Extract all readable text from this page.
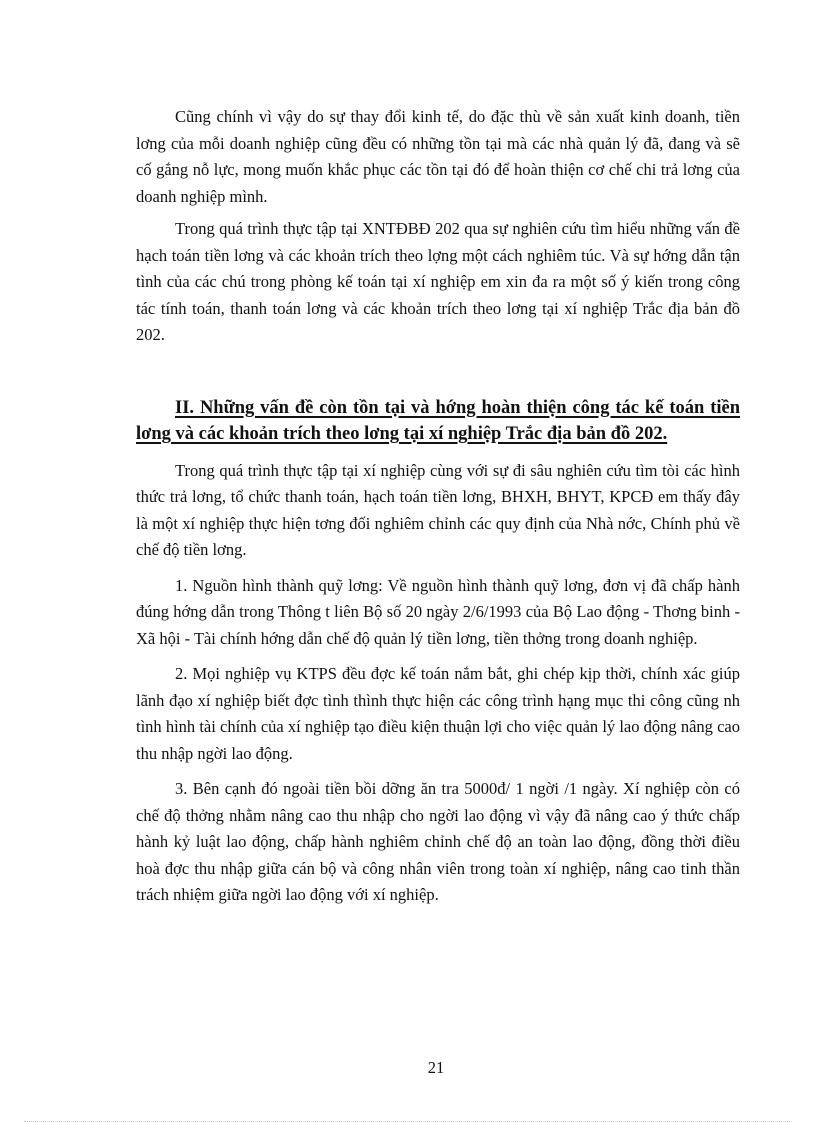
Cũng chính vì vậy do sự thay đổi kinh tế, do đặc thù về sản xuất kinh doanh, tiền lơng của mỗi doanh nghiệp cũng đều có những tồn tại mà các nhà quản lý đã, đang và sẽ cố gắng nỗ lực, mong muốn khắc phục các tồn tại đó để hoàn thiện cơ chế chi trả lơng của doanh nghiệp mình.

Trong quá trình thực tập tại XNTĐBĐ 202 qua sự nghiên cứu tìm hiểu những vấn đề hạch toán tiền lơng và các khoản trích theo lợng một cách nghiêm túc. Và sự hớng dẫn tận tình của các chú trong phòng kế toán tại xí nghiệp em xin đa ra một số ý kiến trong công tác tính toán, thanh toán lơng và các khoản trích theo lơng tại xí nghiệp Trắc địa bản đồ 202.

II. Những vấn đề còn tồn tại và hớng hoàn thiện công tác kế toán tiền lơng và các khoản trích theo lơng tại xí nghiệp Trắc địa bản đồ 202.

Trong quá trình thực tập tại xí nghiệp cùng với sự đi sâu nghiên cứu tìm tòi các hình thức trả lơng, tổ chức thanh toán, hạch toán tiền lơng, BHXH, BHYT, KPCĐ em thấy đây là một xí nghiệp thực hiện tơng đối nghiêm chỉnh các quy định của Nhà nớc, Chính phủ về chế độ tiền lơng.

1. Nguồn hình thành quỹ lơng: Về nguồn hình thành quỹ lơng, đơn vị đã chấp hành đúng hớng dẫn trong Thông t liên Bộ số 20 ngày 2/6/1993 của Bộ Lao động - Thơng binh - Xã hội - Tài chính hớng dẫn chế độ quản lý tiền lơng, tiền thởng trong doanh nghiệp.

2. Mọi nghiệp vụ KTPS đều đợc kế toán nắm bắt, ghi chép kịp thời, chính xác giúp lãnh đạo xí nghiệp biết đợc tình thình thực hiện các công trình hạng mục thi công cũng nh tình hình tài chính của xí nghiệp tạo điều kiện thuận lợi cho việc quản lý lao động nâng cao thu nhập ngời lao động.

3. Bên cạnh đó ngoài tiền bồi dỡng ăn tra 5000đ/ 1 ngời /1 ngày. Xí nghiệp còn có chế độ thởng nhằm nâng cao thu nhập cho ngời lao động vì vậy đã nâng cao ý thức chấp hành kỷ luật lao động, chấp hành nghiêm chỉnh chế độ an toàn lao động, đồng thời điều hoà đợc thu nhập giữa cán bộ và công nhân viên trong toàn xí nghiệp, nâng cao tinh thần trách nhiệm giữa ngời lao động với xí nghiệp.

21
